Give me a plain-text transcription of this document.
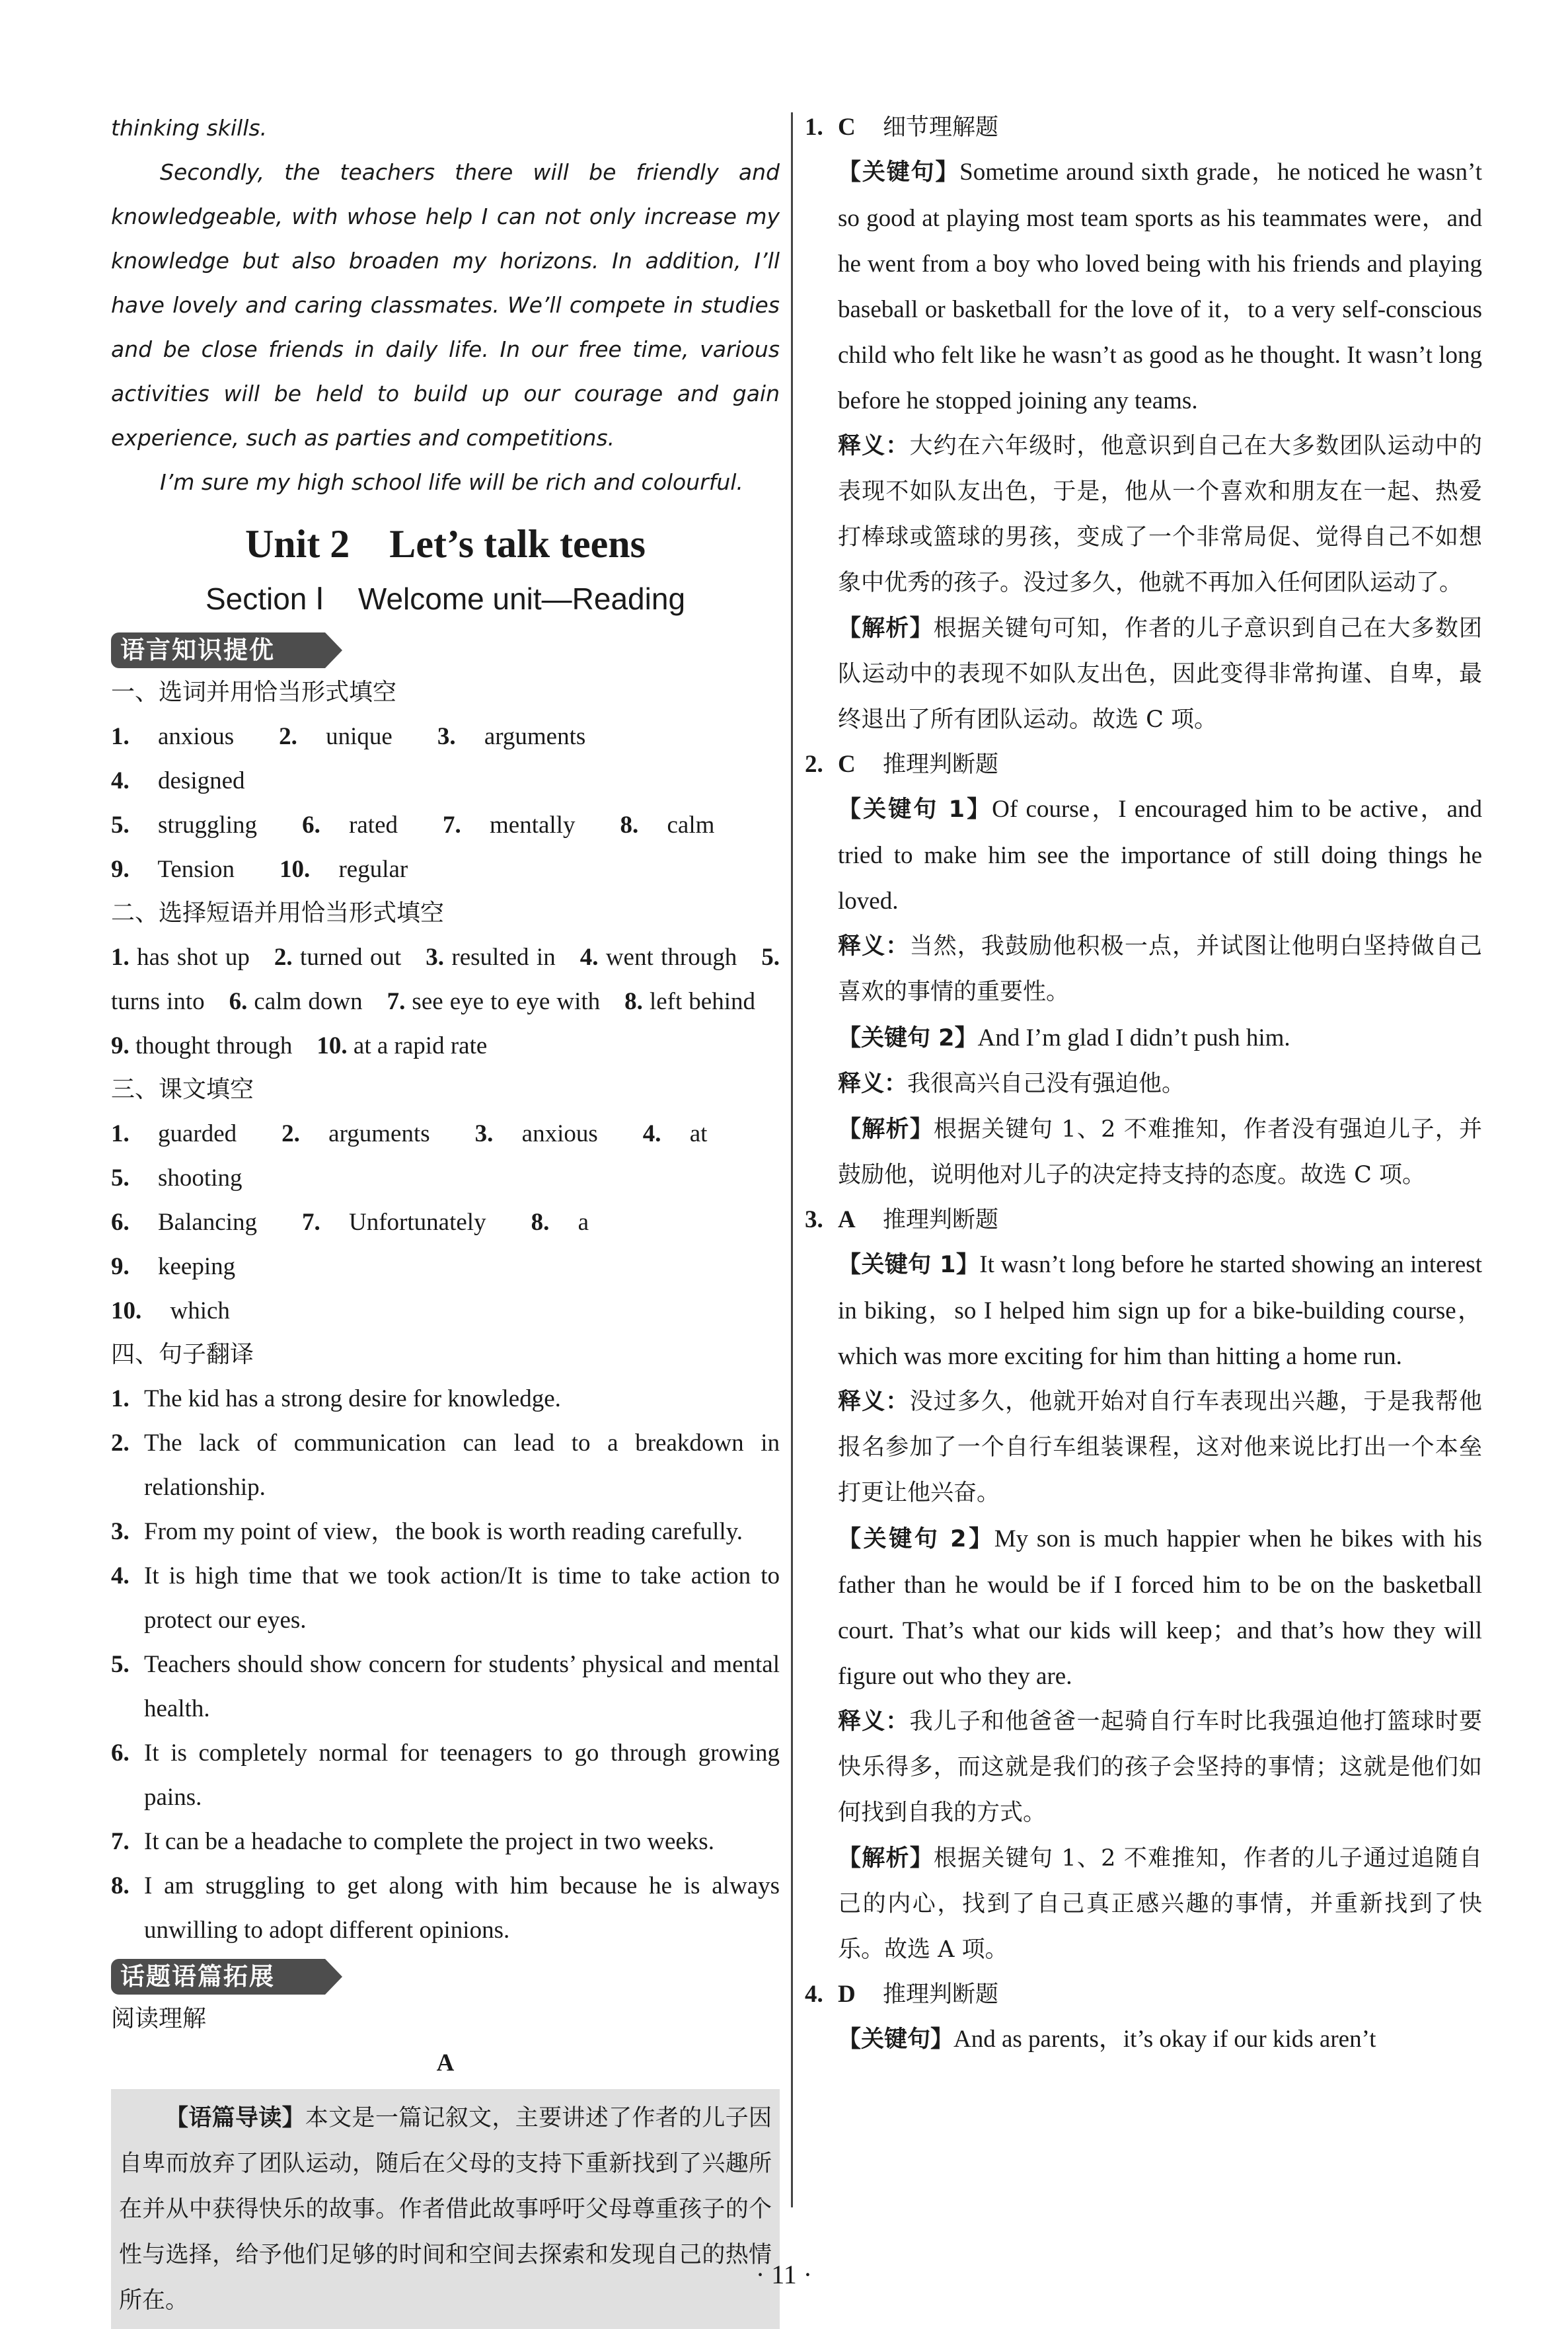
thinking skills.

Secondly, the teachers there will be friendly and knowledgeable, with whose help I can not only increase my knowledge but also broaden my horizons. In addition, I’ll have lovely and caring classmates. We’ll compete in studies and be close friends in daily life. In our free time, various activities will be held to build up our courage and gain experience, such as parties and competitions.

I’m sure my high school life will be rich and colourful.

Unit 2    Let’s talk teens
Section Ⅰ    Welcome unit—Reading
语言知识提优

一、选词并用恰当形式填空

1. anxious	2. unique	3. arguments
4. designed
5. struggling	6. rated	7. mentally	8. calm
9. Tension	10. regular

二、选择短语并用恰当形式填空

1. has shot up 2. turned out 3. resulted in 4. went through 5. turns into 6. calm down 7. see eye to eye with 8. left behind 9. thought through 10. at a rapid rate

三、课文填空

1. guarded	2. arguments	3. anxious	4. at
5. shooting
6. Balancing	7. Unfortunately	8. a
9. keeping
10. which

四、句子翻译

1. The kid has a strong desire for knowledge.
2. The lack of communication can lead to a breakdown in relationship.
3. From my point of view，the book is worth reading carefully.
4. It is high time that we took action/It is time to take action to protect our eyes.
5. Teachers should show concern for students’ physical and mental health.
6. It is completely normal for teenagers to go through growing pains.
7. It can be a headache to complete the project in two weeks.
8. I am struggling to get along with him because he is always unwilling to adopt different opinions.
话题语篇拓展

阅读理解

A

【语篇导读】本文是一篇记叙文，主要讲述了作者的儿子因自卑而放弃了团队运动，随后在父母的支持下重新找到了兴趣所在并从中获得快乐的故事。作者借此故事呼吁父母尊重孩子的个性与选择，给予他们足够的时间和空间去探索和发现自己的热情所在。

1. C	细节理解题

【关键句】Sometime around sixth grade，he noticed he wasn’t so good at playing most team sports as his teammates were，and he went from a boy who loved being with his friends and playing baseball or basketball for the love of it，to a very self-conscious child who felt like he wasn’t as good as he thought. It wasn’t long before he stopped joining any teams.

释义：大约在六年级时，他意识到自己在大多数团队运动中的表现不如队友出色，于是，他从一个喜欢和朋友在一起、热爱打棒球或篮球的男孩，变成了一个非常局促、觉得自己不如想象中优秀的孩子。没过多久，他就不再加入任何团队运动了。

【解析】根据关键句可知，作者的儿子意识到自己在大多数团队运动中的表现不如队友出色，因此变得非常拘谨、自卑，最终退出了所有团队运动。故选 C 项。

2. C	推理判断题

【关键句 1】Of course，I encouraged him to be active，and tried to make him see the importance of still doing things he loved.

释义：当然，我鼓励他积极一点，并试图让他明白坚持做自己喜欢的事情的重要性。

【关键句 2】And I’m glad I didn’t push him.

释义：我很高兴自己没有强迫他。

【解析】根据关键句 1、2 不难推知，作者没有强迫儿子，并鼓励他，说明他对儿子的决定持支持的态度。故选 C 项。

3. A	推理判断题

【关键句 1】It wasn’t long before he started showing an interest in biking，so I helped him sign up for a bike-building course，which was more exciting for him than hitting a home run.

释义：没过多久，他就开始对自行车表现出兴趣，于是我帮他报名参加了一个自行车组装课程，这对他来说比打出一个本垒打更让他兴奋。

【关键句 2】My son is much happier when he bikes with his father than he would be if I forced him to be on the basketball court. That’s what our kids will keep；and that’s how they will figure out who they are.

释义：我儿子和他爸爸一起骑自行车时比我强迫他打篮球时要快乐得多，而这就是我们的孩子会坚持的事情；这就是他们如何找到自我的方式。

【解析】根据关键句 1、2 不难推知，作者的儿子通过追随自己的内心，找到了自己真正感兴趣的事情，并重新找到了快乐。故选 A 项。

4. D	推理判断题

【关键句】And as parents，it’s okay if our kids aren’t

· 11 ·
